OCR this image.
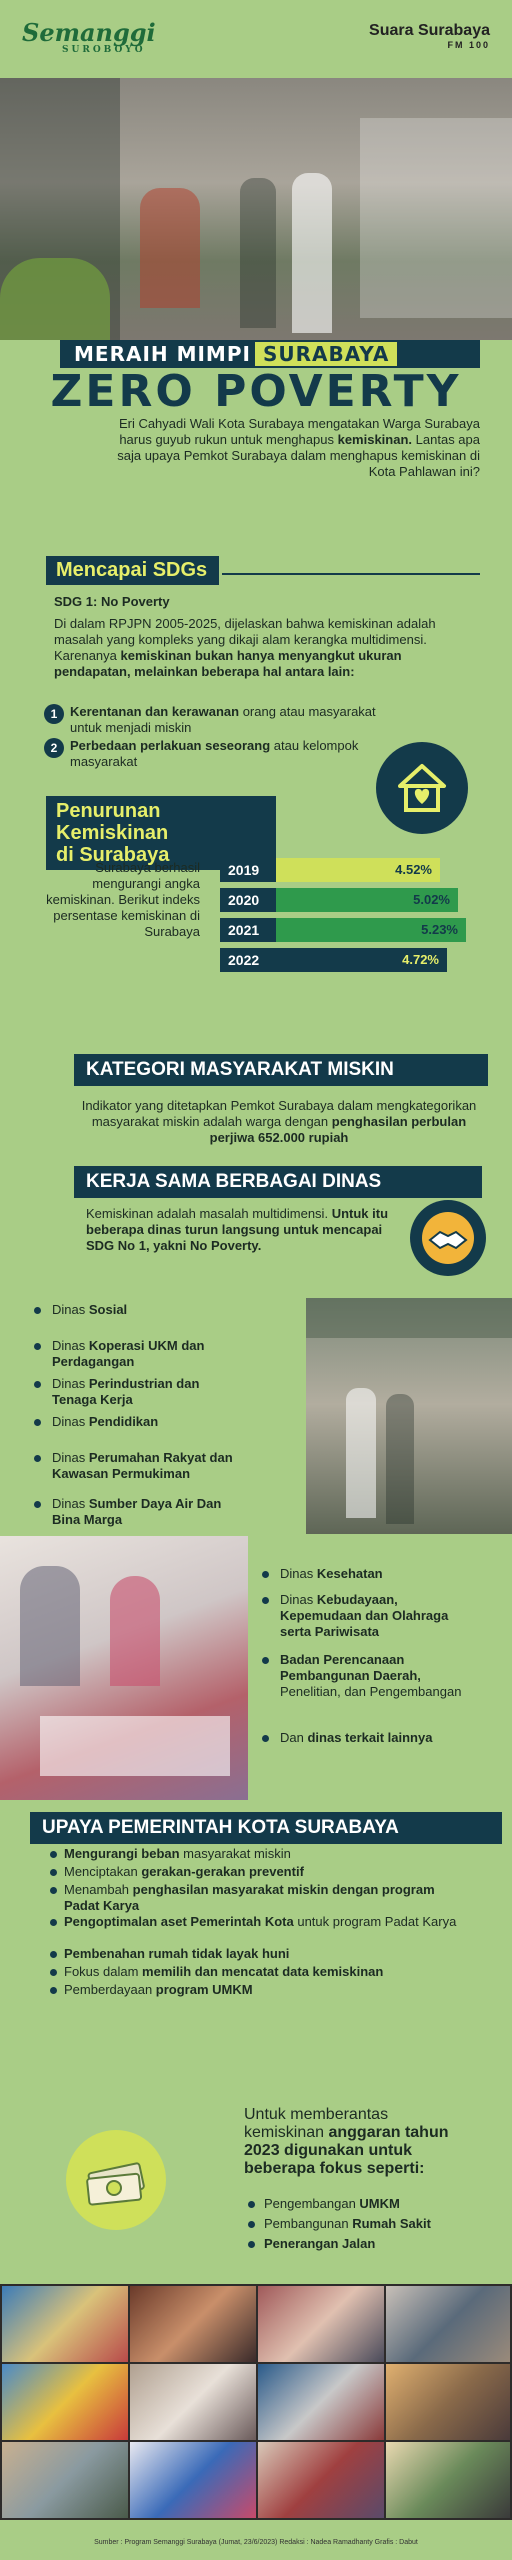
Semanggi
SUROBOYO
Suara Surabaya
FM 100
MERAIH MIMPI SURABAYA
ZERO POVERTY
Eri Cahyadi Wali Kota Surabaya mengatakan Warga Surabaya harus guyub rukun untuk menghapus kemiskinan. Lantas apa saja upaya Pemkot Surabaya dalam menghapus kemiskinan di Kota Pahlawan ini?
Mencapai SDGs
SDG 1: No Poverty
Di dalam RPJPN 2005-2025, dijelaskan bahwa kemiskinan adalah masalah yang kompleks yang dikaji alam kerangka multidimensi. Karenanya kemiskinan bukan hanya menyangkut ukuran pendapatan, melainkan beberapa hal antara lain:
1 Kerentanan dan kerawanan orang atau masyarakat untuk menjadi miskin
2 Perbedaan perlakuan seseorang atau kelompok masyarakat
Penurunan Kemiskinan
di Surabaya
Surabaya berhasil mengurangi angka kemiskinan. Berikut indeks persentase kemiskinan di Surabaya
2019	4.52%
2020	5.02%
2021	5.23%
2022	4.72%
KATEGORI MASYARAKAT MISKIN
Indikator yang ditetapkan Pemkot Surabaya dalam mengkategorikan masyarakat miskin adalah warga dengan penghasilan perbulan perjiwa 652.000 rupiah
KERJA SAMA BERBAGAI DINAS
Kemiskinan adalah masalah multidimensi. Untuk itu beberapa dinas turun langsung untuk mencapai SDG No 1, yakni No Poverty.
UPAYA PEMERINTAH KOTA SURABAYA
Untuk memberantas kemiskinan anggaran tahun 2023 digunakan untuk beberapa fokus seperti:
Sumber : Program Semanggi Surabaya (Jumat, 23/6/2023) Redaksi : Nadea Ramadhanty Grafis : Dabut
Dinas Sosial
Dinas Koperasi UKM dan Perdagangan
Dinas Perindustrian dan Tenaga Kerja
Dinas Pendidikan
Dinas Perumahan Rakyat dan Kawasan Permukiman
Dinas Sumber Daya Air Dan Bina Marga
Dinas Kesehatan
Dinas Kebudayaan, Kepemudaan dan Olahraga serta Pariwisata
Badan Perencanaan Pembangunan Daerah, Penelitian, dan Pengembangan
Dan dinas terkait lainnya
Mengurangi beban masyarakat miskin
Menciptakan gerakan-gerakan preventif
Menambah penghasilan masyarakat miskin dengan program Padat Karya
Pengoptimalan aset Pemerintah Kota untuk program Padat Karya
Pembenahan rumah tidak layak huni
Fokus dalam memilih dan mencatat data kemiskinan
Pemberdayaan program UMKM
Pengembangan UMKM
Pembangunan Rumah Sakit
Penerangan Jalan
